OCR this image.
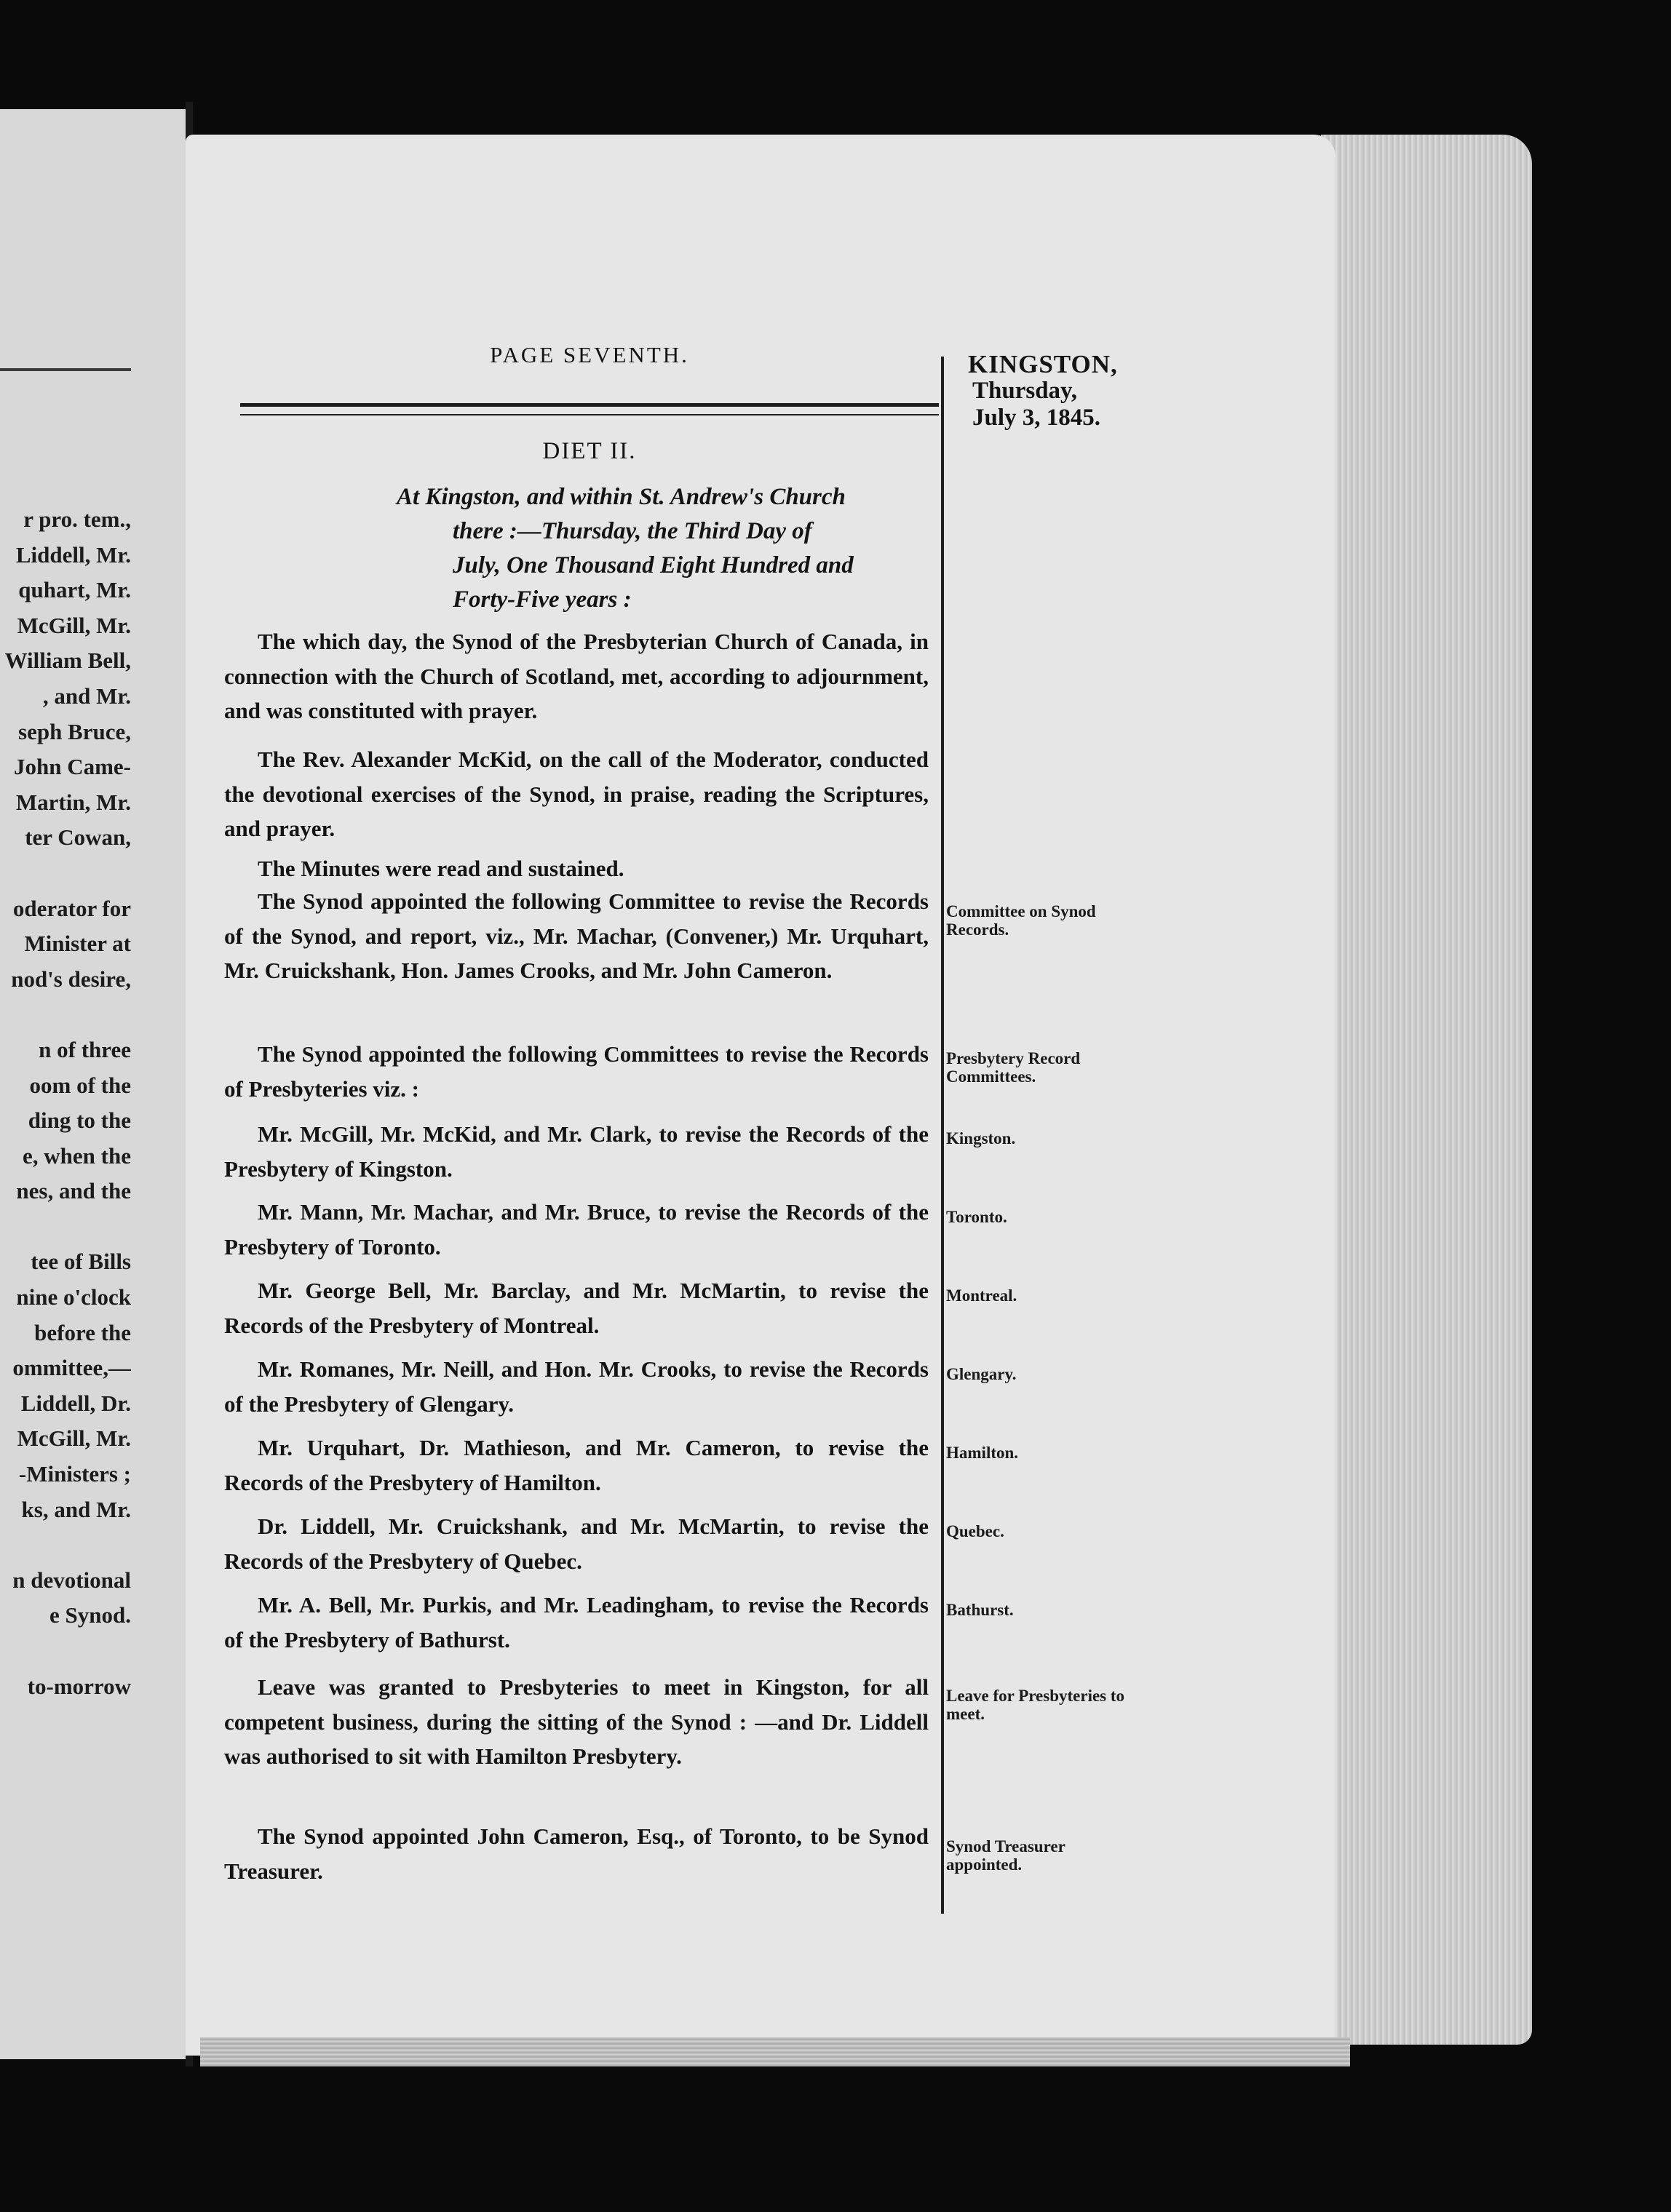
r pro. tem.,
Liddell, Mr.
quhart, Mr.
McGill, Mr.
William Bell,
, and Mr.
seph Bruce,
John Came-
Martin, Mr.
ter Cowan,
oderator for
Minister at
nod's desire,
n of three
oom of the
ding to the
e, when the
nes, and the
tee of Bills
nine o'clock
before the
ommittee,—
Liddell, Dr.
McGill, Mr.
-Ministers ;
ks, and Mr.
n devotional
e Synod.
to-morrow
PAGE SEVENTH.	KINGSTON,
Thursday,
July 3, 1845.
DIET II.
At Kingston, and within St. Andrew's Church
there :—Thursday, the Third Day of
July, One Thousand Eight Hundred and
Forty-Five years :

The which day, the Synod of the Presbyterian Church of Canada, in connection with the Church of Scotland, met, according to adjournment, and was constituted with prayer.

The Rev. Alexander McKid, on the call of the Moderator, conducted the devotional exercises of the Synod, in praise, reading the Scriptures, and prayer.

The Minutes were read and sustained.

The Synod appointed the following Committee to revise the Records of the Synod, and report, viz., Mr. Machar, (Convener,) Mr. Urquhart, Mr. Cruickshank, Hon. James Crooks, and Mr. John Cameron.

The Synod appointed the following Committees to revise the Records of Presbyteries viz. :

Mr. McGill, Mr. McKid, and Mr. Clark, to revise the Records of the Presbytery of Kingston.

Mr. Mann, Mr. Machar, and Mr. Bruce, to revise the Records of the Presbytery of Toronto.

Mr. George Bell, Mr. Barclay, and Mr. McMartin, to revise the Records of the Presbytery of Montreal.

Mr. Romanes, Mr. Neill, and Hon. Mr. Crooks, to revise the Records of the Presbytery of Glengary.

Mr. Urquhart, Dr. Mathieson, and Mr. Cameron, to revise the Records of the Presbytery of Hamilton.

Dr. Liddell, Mr. Cruickshank, and Mr. McMartin, to revise the Records of the Presbytery of Quebec.

Mr. A. Bell, Mr. Purkis, and Mr. Leadingham, to revise the Records of the Presbytery of Bathurst.

Leave was granted to Presbyteries to meet in Kingston, for all competent business, during the sitting of the Synod : —and Dr. Liddell was authorised to sit with Hamilton Presbytery.

The Synod appointed John Cameron, Esq., of Toronto, to be Synod Treasurer.

Committee on Synod Records.
Presbytery Record Committees.
Kingston.
Toronto.
Montreal.
Glengary.
Hamilton.
Quebec.
Bathurst.
Leave for Presbyteries to meet.
Synod Treasurer appointed.
